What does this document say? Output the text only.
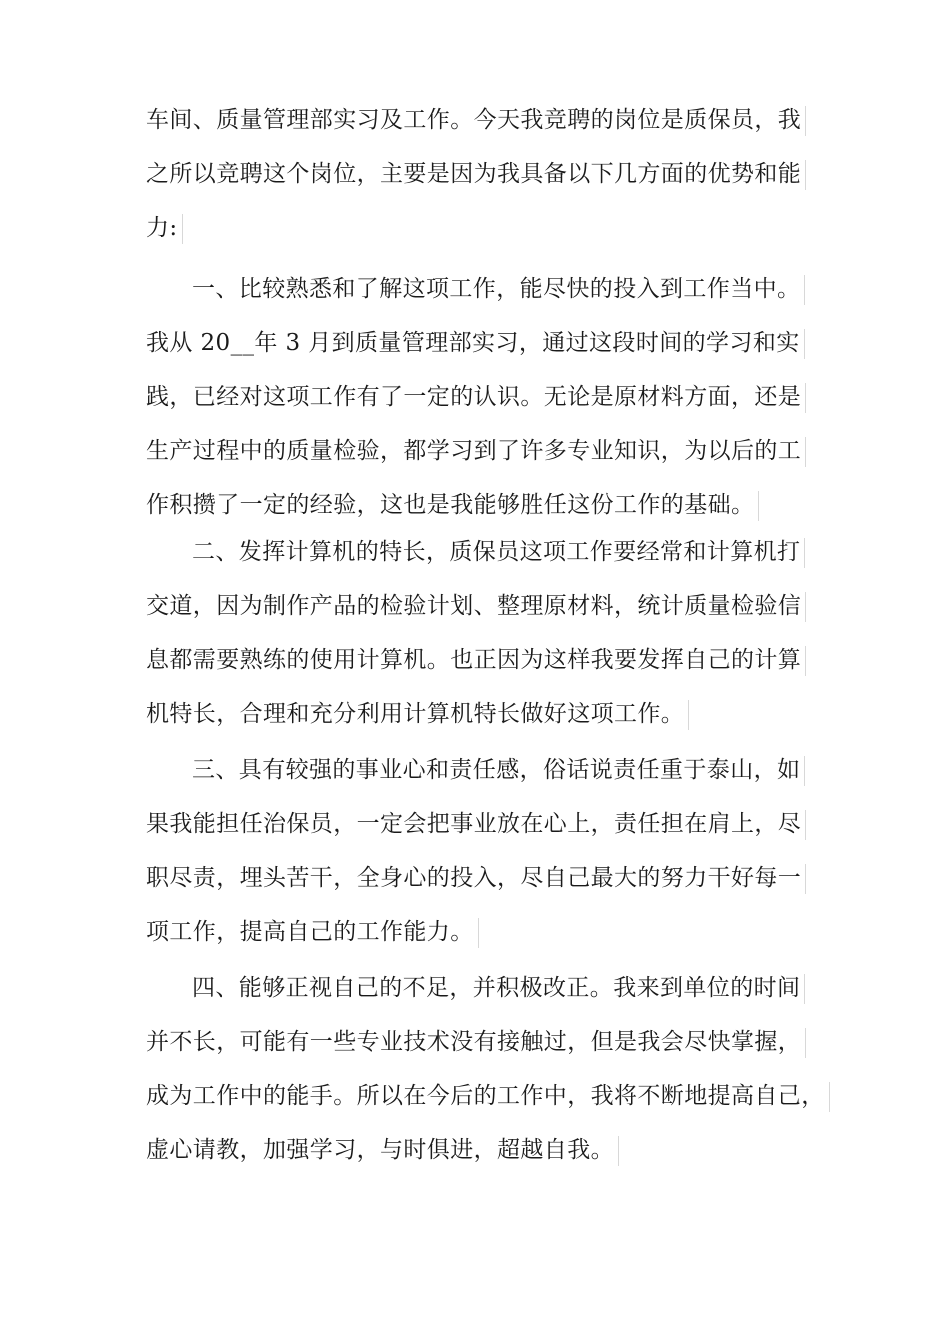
车间、质量管理部实习及工作。今天我竞聘的岗位是质保员，我
之所以竞聘这个岗位，主要是因为我具备以下几方面的优势和能
力:
一、比较熟悉和了解这项工作，能尽快的投入到工作当中。
我从 20__年 3 月到质量管理部实习，通过这段时间的学习和实
践，已经对这项工作有了一定的认识。无论是原材料方面，还是
生产过程中的质量检验，都学习到了许多专业知识，为以后的工
作积攒了一定的经验，这也是我能够胜任这份工作的基础。
二、发挥计算机的特长，质保员这项工作要经常和计算机打
交道，因为制作产品的检验计划、整理原材料，统计质量检验信
息都需要熟练的使用计算机。也正因为这样我要发挥自己的计算
机特长，合理和充分利用计算机特长做好这项工作。
三、具有较强的事业心和责任感，俗话说责任重于泰山，如
果我能担任治保员，一定会把事业放在心上，责任担在肩上，尽
职尽责，埋头苦干，全身心的投入，尽自己最大的努力干好每一
项工作，提高自己的工作能力。
四、能够正视自己的不足，并积极改正。我来到单位的时间
并不长，可能有一些专业技术没有接触过，但是我会尽快掌握，
成为工作中的能手。所以在今后的工作中，我将不断地提高自己，
虚心请教，加强学习，与时俱进，超越自我。
